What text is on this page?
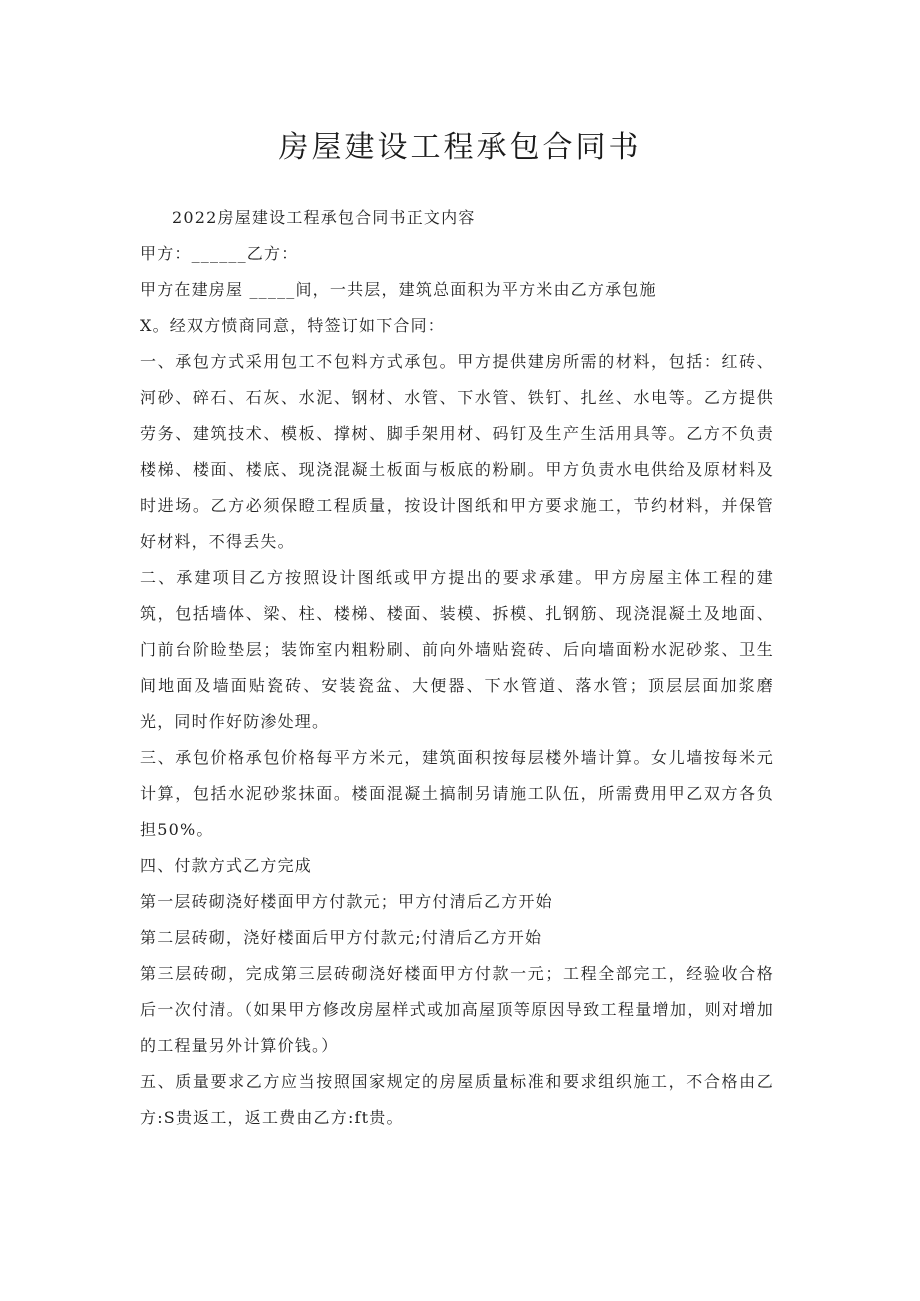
房屋建设工程承包合同书

2022房屋建设工程承包合同书正文内容

甲方：______乙方：

甲方在建房屋 _____间，一共层，建筑总面积为平方米由乙方承包施

X。经双方愤商同意，特签订如下合同：

一、承包方式采用包工不包料方式承包。甲方提供建房所需的材料，包括：红砖、河砂、碎石、石灰、水泥、钢材、水管、下水管、铁钉、扎丝、水电等。乙方提供劳务、建筑技术、模板、撑树、脚手架用材、码钉及生产生活用具等。乙方不负责楼梯、楼面、楼底、现浇混凝土板面与板底的粉刷。甲方负责水电供给及原材料及时进场。乙方必须保瞪工程质量，按设计图纸和甲方要求施工，节约材料，并保管好材料，不得丢失。

二、承建项目乙方按照设计图纸或甲方提出的要求承建。甲方房屋主体工程的建筑，包括墙体、梁、柱、楼梯、楼面、装模、拆模、扎钢筋、现浇混凝土及地面、门前台阶睑垫层；装饰室内粗粉刷、前向外墙贴瓷砖、后向墙面粉水泥砂浆、卫生间地面及墙面贴瓷砖、安装瓷盆、大便器、下水管道、落水管；顶层层面加浆磨光，同时作好防渗处理。

三、承包价格承包价格每平方米元，建筑面积按每层楼外墙计算。女儿墙按每米元计算，包括水泥砂浆抹面。楼面混凝土搞制另请施工队伍，所需费用甲乙双方各负担50%。

四、付款方式乙方完成

第一层砖砌浇好楼面甲方付款元；甲方付清后乙方开始

第二层砖砌，浇好楼面后甲方付款元;付清后乙方开始

第三层砖砌，完成第三层砖砌浇好楼面甲方付款一元；工程全部完工，经验收合格后一次付清。（如果甲方修改房屋样式或加高屋顶等原因导致工程量增加，则对增加的工程量另外计算价钱。）

五、质量要求乙方应当按照国家规定的房屋质量标准和要求组织施工，不合格由乙方:S贵返工，返工费由乙方:ft贵。
